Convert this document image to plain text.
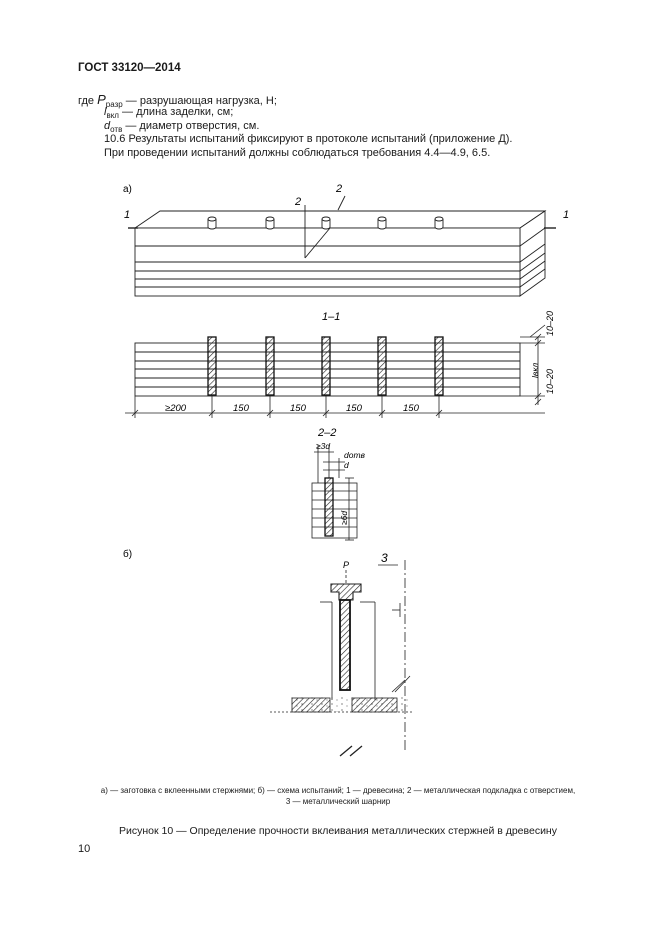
ГОСТ 33120—2014
где $P_{разр}$ — разрушающая нагрузка, Н;
$l_{вкл}$ — длина заделки, см;
$d_{отв}$ — диаметр отверстия, см.
10.6 Результаты испытаний фиксируют в протоколе испытаний (приложение Д).
При проведении испытаний должны соблюдаться требования 4.4—4.9, 6.5.
а)
1	1
2
2
1–1
≥200	150	150	150	150
10–20
lвкл 10–20
2–2
≥3d
dотв
d
≥6d
б)	3
P
а) — заготовка с вклеенными стержнями; б) — схема испытаний; 1 — древесина; 2 — металлическая подкладка с отверстием,
3 — металлический шарнир
Рисунок 10 — Определение прочности вклеивания металлических стержней в древесину
10
